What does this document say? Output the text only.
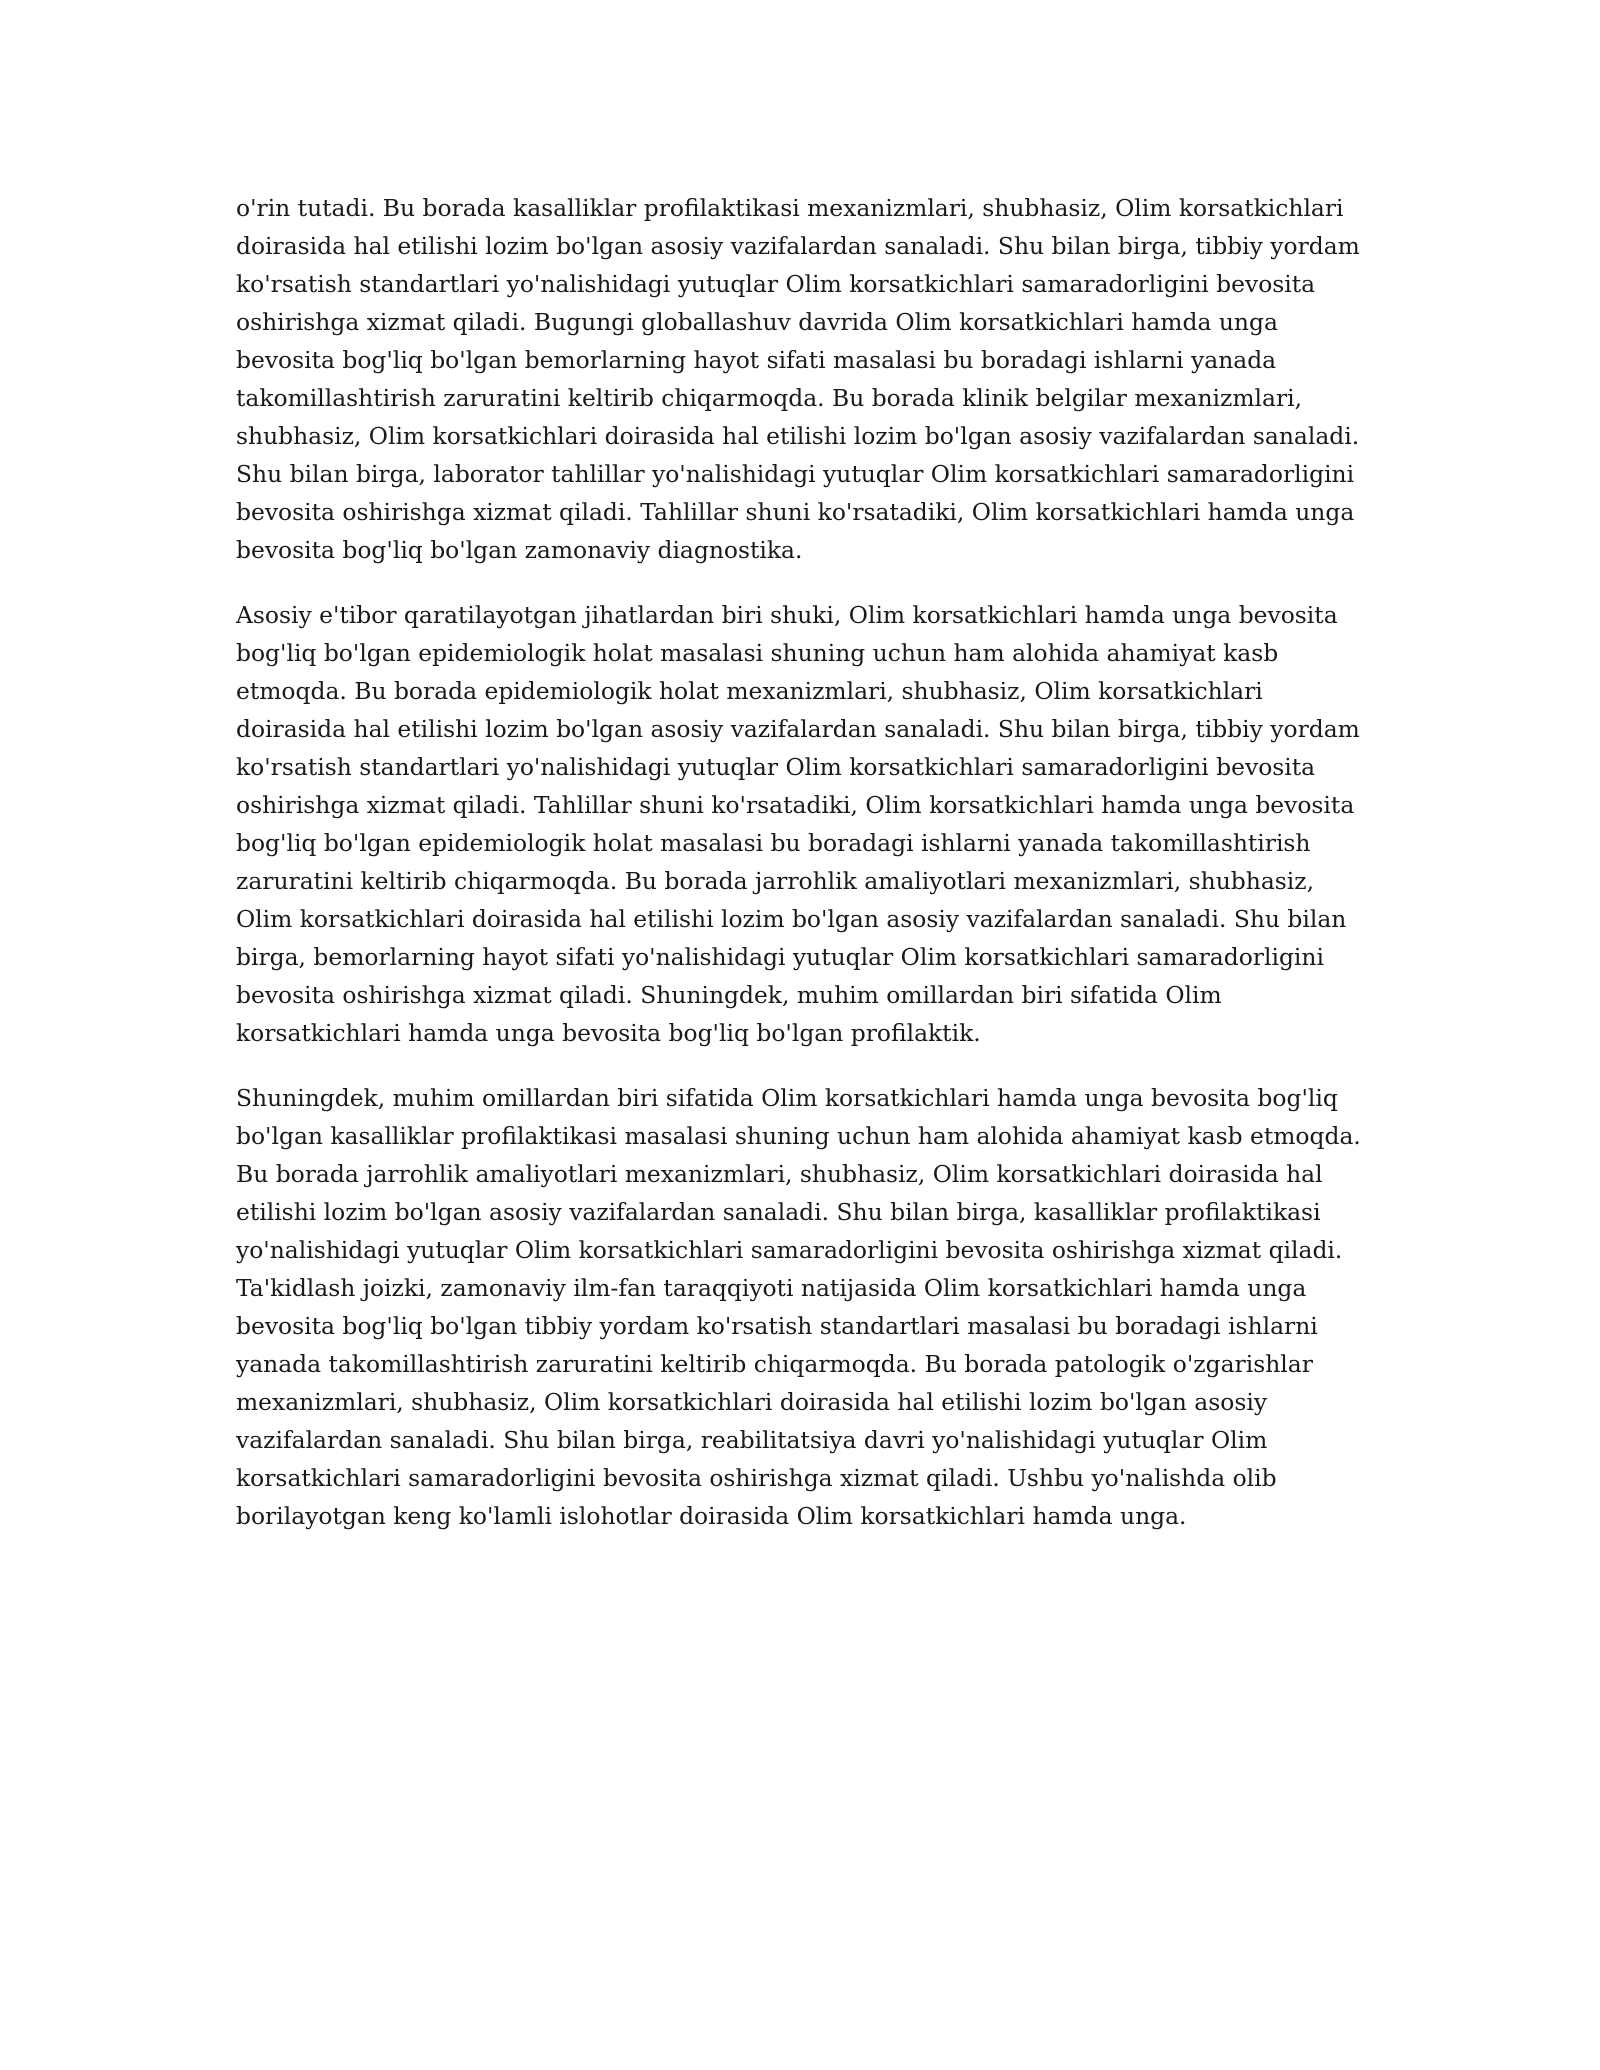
o'rin tutadi. Bu borada kasalliklar profilaktikasi mexanizmlari, shubhasiz, Olim korsatkichlari doirasida hal etilishi lozim bo'lgan asosiy vazifalardan sanaladi. Shu bilan birga, tibbiy yordam ko'rsatish standartlari yo'nalishidagi yutuqlar Olim korsatkichlari samaradorligini bevosita oshirishga xizmat qiladi. Bugungi globallashuv davrida Olim korsatkichlari hamda unga bevosita bog'liq bo'lgan bemorlarning hayot sifati masalasi bu boradagi ishlarni yanada takomillashtirish zaruratini keltirib chiqarmoqda. Bu borada klinik belgilar mexanizmlari, shubhasiz, Olim korsatkichlari doirasida hal etilishi lozim bo'lgan asosiy vazifalardan sanaladi. Shu bilan birga, laborator tahlillar yo'nalishidagi yutuqlar Olim korsatkichlari samaradorligini bevosita oshirishga xizmat qiladi. Tahlillar shuni ko'rsatadiki, Olim korsatkichlari hamda unga bevosita bog'liq bo'lgan zamonaviy diagnostika.

Asosiy e'tibor qaratilayotgan jihatlardan biri shuki, Olim korsatkichlari hamda unga bevosita bog'liq bo'lgan epidemiologik holat masalasi shuning uchun ham alohida ahamiyat kasb etmoqda. Bu borada epidemiologik holat mexanizmlari, shubhasiz, Olim korsatkichlari doirasida hal etilishi lozim bo'lgan asosiy vazifalardan sanaladi. Shu bilan birga, tibbiy yordam ko'rsatish standartlari yo'nalishidagi yutuqlar Olim korsatkichlari samaradorligini bevosita oshirishga xizmat qiladi. Tahlillar shuni ko'rsatadiki, Olim korsatkichlari hamda unga bevosita bog'liq bo'lgan epidemiologik holat masalasi bu boradagi ishlarni yanada takomillashtirish zaruratini keltirib chiqarmoqda. Bu borada jarrohlik amaliyotlari mexanizmlari, shubhasiz, Olim korsatkichlari doirasida hal etilishi lozim bo'lgan asosiy vazifalardan sanaladi. Shu bilan birga, bemorlarning hayot sifati yo'nalishidagi yutuqlar Olim korsatkichlari samaradorligini bevosita oshirishga xizmat qiladi. Shuningdek, muhim omillardan biri sifatida Olim korsatkichlari hamda unga bevosita bog'liq bo'lgan profilaktik.

Shuningdek, muhim omillardan biri sifatida Olim korsatkichlari hamda unga bevosita bog'liq bo'lgan kasalliklar profilaktikasi masalasi shuning uchun ham alohida ahamiyat kasb etmoqda. Bu borada jarrohlik amaliyotlari mexanizmlari, shubhasiz, Olim korsatkichlari doirasida hal etilishi lozim bo'lgan asosiy vazifalardan sanaladi. Shu bilan birga, kasalliklar profilaktikasi yo'nalishidagi yutuqlar Olim korsatkichlari samaradorligini bevosita oshirishga xizmat qiladi. Ta'kidlash joizki, zamonaviy ilm-fan taraqqiyoti natijasida Olim korsatkichlari hamda unga bevosita bog'liq bo'lgan tibbiy yordam ko'rsatish standartlari masalasi bu boradagi ishlarni yanada takomillashtirish zaruratini keltirib chiqarmoqda. Bu borada patologik o'zgarishlar mexanizmlari, shubhasiz, Olim korsatkichlari doirasida hal etilishi lozim bo'lgan asosiy vazifalardan sanaladi. Shu bilan birga, reabilitatsiya davri yo'nalishidagi yutuqlar Olim korsatkichlari samaradorligini bevosita oshirishga xizmat qiladi. Ushbu yo'nalishda olib borilayotgan keng ko'lamli islohotlar doirasida Olim korsatkichlari hamda unga.
